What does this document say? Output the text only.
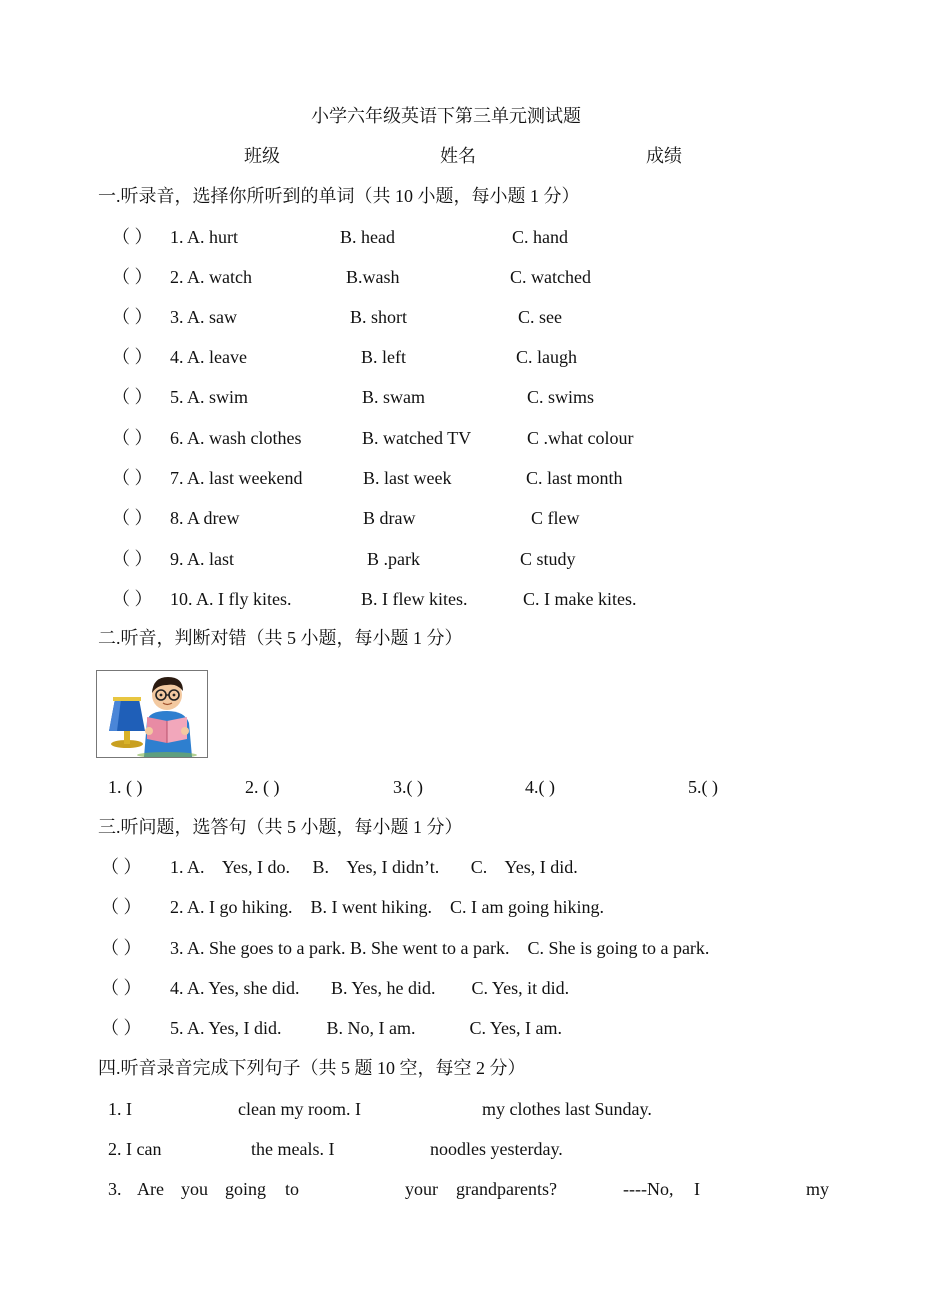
小学六年级英语下第三单元测试题
班级	姓名	成绩
一.听录音，选择你所听到的单词（共 10 小题，每小题 1 分）
（ ） 1. A. hurt	B. head	C. hand
（ ） 2. A. watch	B.wash	C. watched
（ ） 3. A. saw	B. short	C. see
（ ） 4. A. leave	B. left	C. laugh
（ ） 5. A. swim	B. swam	C. swims
（ ） 6. A. wash clothes	B. watched TV	C .what colour
（ ） 7. A. last weekend	B. last week	C. last month
（ ） 8. A drew	B draw	C flew
（ ） 9. A. last	B .park	C study
（ ） 10. A. I fly kites.	B. I flew kites.	C. I make kites.
二.听音，判断对错（共 5 小题，每小题 1 分）
1. ( )	2. ( )	3.( )	4.( )	5.( )
三.听问题，选答句（共 5 小题，每小题 1 分）
（ ） 1. A.    Yes, I do.     B.    Yes, I didn’t.       C.    Yes, I did.
（ ） 2. A. I go hiking.    B. I went hiking.    C. I am going hiking.
（ ） 3. A. She goes to a park. B. She went to a park.    C. She is going to a park.
（ ） 4. A. Yes, she did.       B. Yes, he did.        C. Yes, it did.
（ ） 5. A. Yes, I did.          B. No, I am.            C. Yes, I am.
四.听音录音完成下列句子（共 5 题 10 空，每空 2 分）
1. I	clean my room. I	my clothes last Sunday.
2. I can	the meals. I	noodles yesterday.
3. Are you going to	your grandparents?	----No, I	my
